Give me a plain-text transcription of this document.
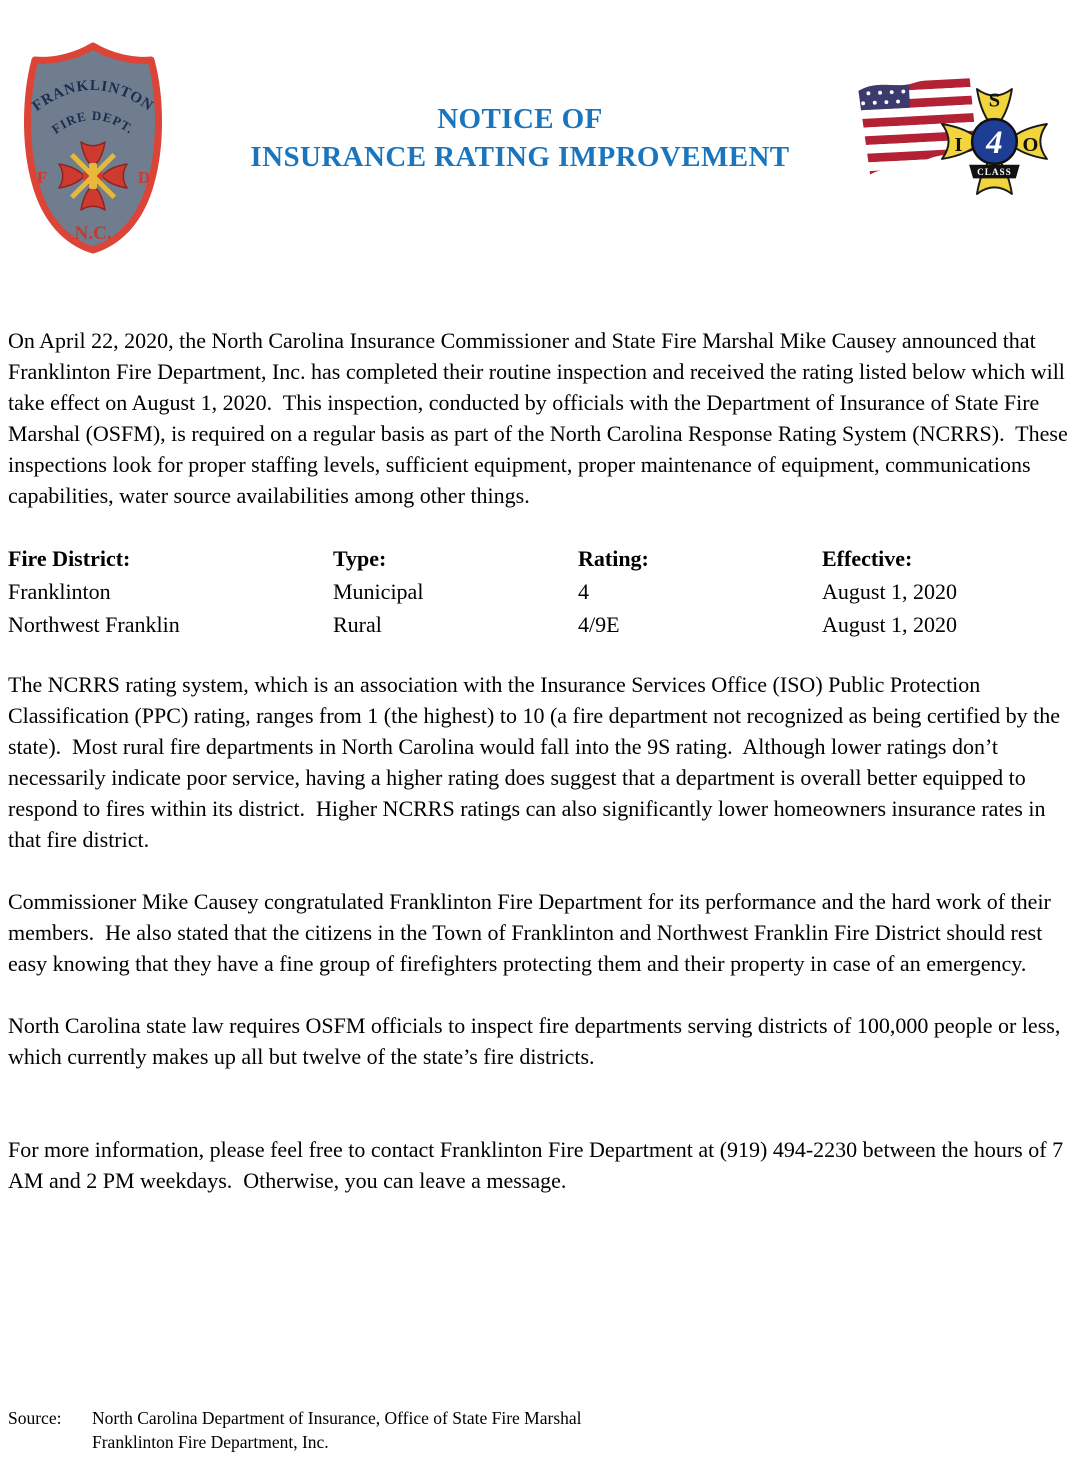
FRANKLINTON
FIRE DEPT.
F	D
N.C.
NOTICE OF
INSURANCE RATING IMPROVEMENT
S
I	O
4
CLASS

On April 22, 2020, the North Carolina Insurance Commissioner and State Fire Marshal Mike Causey announced that Franklinton Fire Department, Inc. has completed their routine inspection and received the rating listed below which will take effect on August 1, 2020.  This inspection, conducted by officials with the Department of Insurance of State Fire Marshal (OSFM), is required on a regular basis as part of the North Carolina Response Rating System (NCRRS).  These inspections look for proper staffing levels, sufficient equipment, proper maintenance of equipment, communications capabilities, water source availabilities among other things.

Fire District:	Type:	Rating:	Effective:
Franklinton	Municipal	4	August 1, 2020
Northwest Franklin	Rural	4/9E	August 1, 2020

The NCRRS rating system, which is an association with the Insurance Services Office (ISO) Public Protection Classification (PPC) rating, ranges from 1 (the highest) to 10 (a fire department not recognized as being certified by the state).  Most rural fire departments in North Carolina would fall into the 9S rating.  Although lower ratings don’t necessarily indicate poor service, having a higher rating does suggest that a department is overall better equipped to respond to fires within its district.  Higher NCRRS ratings can also significantly lower homeowners insurance rates in that fire district.

Commissioner Mike Causey congratulated Franklinton Fire Department for its performance and the hard work of their members.  He also stated that the citizens in the Town of Franklinton and Northwest Franklin Fire District should rest easy knowing that they have a fine group of firefighters protecting them and their property in case of an emergency.

North Carolina state law requires OSFM officials to inspect fire departments serving districts of 100,000 people or less, which currently makes up all but twelve of the state’s fire districts.

For more information, please feel free to contact Franklinton Fire Department at (919) 494-2230 between the hours of 7 AM and 2 PM weekdays.  Otherwise, you can leave a message.

Source:	North Carolina Department of Insurance, Office of State Fire Marshal
Franklinton Fire Department, Inc.
